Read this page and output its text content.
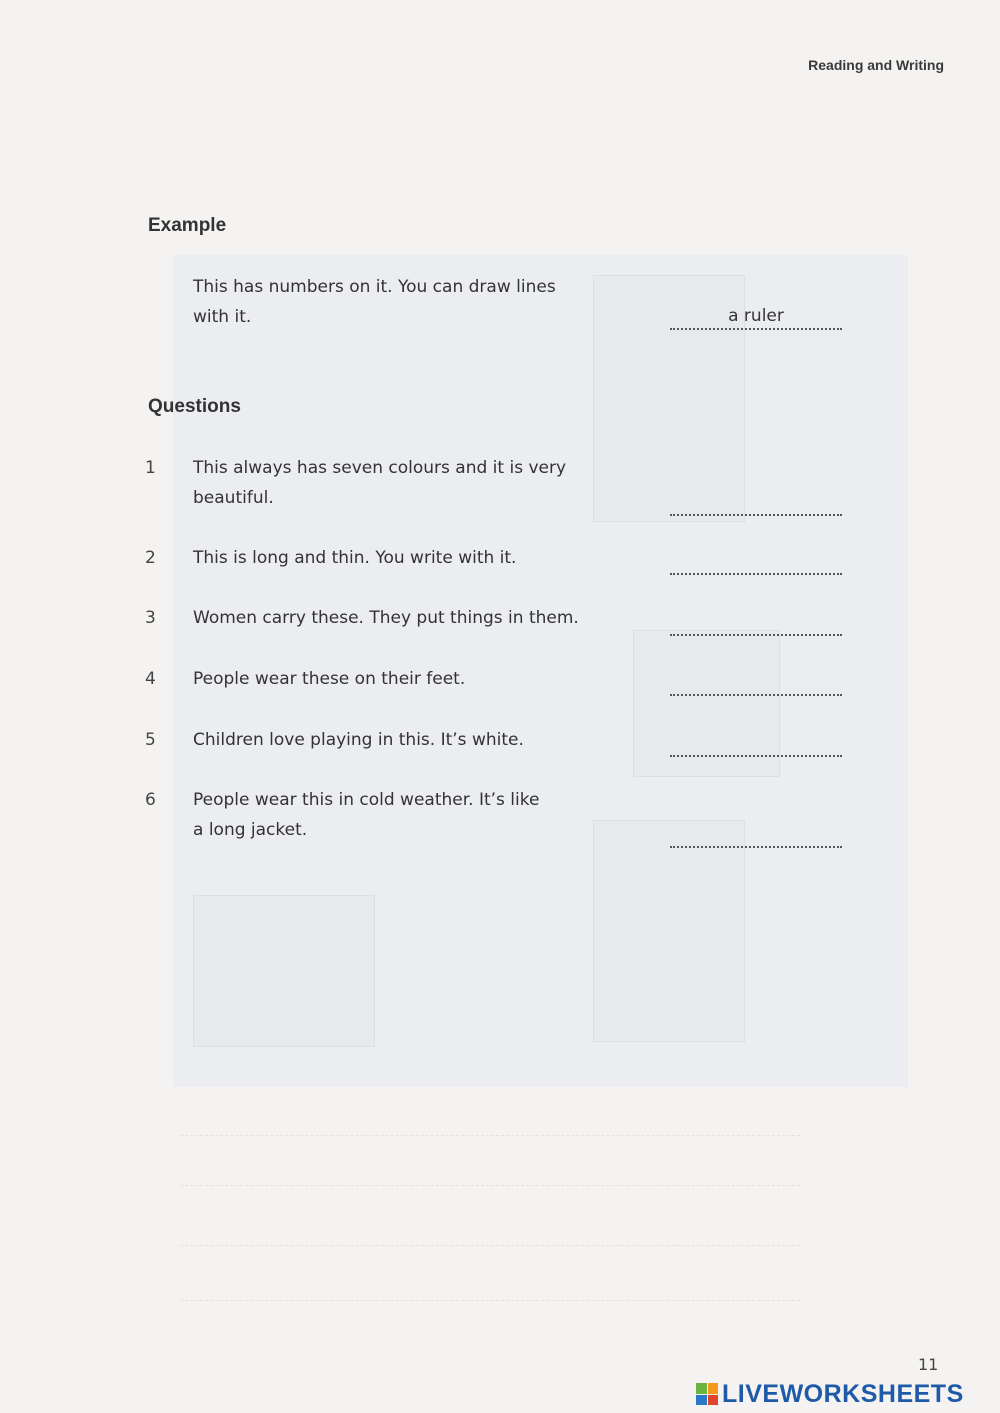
Reading and Writing
Example
This has numbers on it. You can draw lines
with it.	a ruler
Questions
1	This always has seven colours and it is very
beautiful.
2	This is long and thin. You write with it.
3	Women carry these. They put things in them.
4	People wear these on their feet.
5	Children love playing in this. It’s white.
6	People wear this in cold weather. It’s like
a long jacket.
11
LIVEWORKSHEETS
